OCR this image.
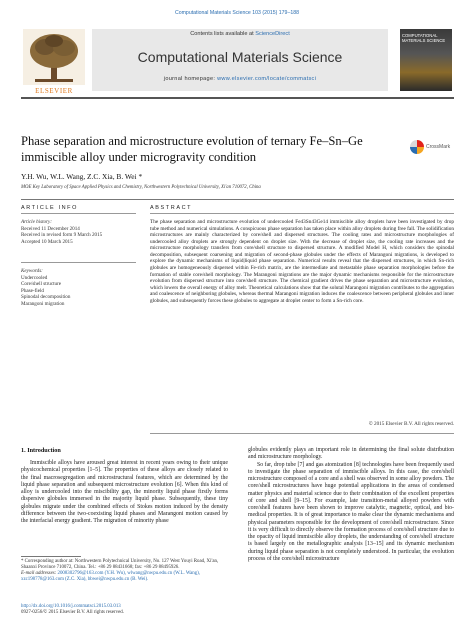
Computational Materials Science 103 (2015) 179–188
ELSEVIER
Contents lists available at ScienceDirect
Computational Materials Science
journal homepage: www.elsevier.com/locate/commatsci
COMPUTATIONAL MATERIALS SCIENCE
Phase separation and microstructure evolution of ternary Fe–Sn–Ge immiscible alloy under microgravity condition
CrossMark
Y.H. Wu, W.L. Wang, Z.C. Xia, B. Wei *
MOE Key Laboratory of Space Applied Physics and Chemistry, Northwestern Polytechnical University, Xi'an 710072, China
ARTICLE INFO
Article history:
Received 11 December 2014
Received in revised form 9 March 2015
Accepted 10 March 2015
Keywords:
Undercooled
Core/shell structure
Phase-field
Spinodal decomposition
Marangoni migration
ABSTRACT
The phase separation and microstructure evolution of undercooled Fe43Sn43Ge14 immiscible alloy droplets have been investigated by drop tube method and numerical simulations. A conspicuous phase separation has taken place within alloy droplets during free fall. The solidification microstructures are mainly characterized by core/shell and dispersed structures. The cooling rates and microstructure morphologies of undercooled alloy droplets are strongly dependent on droplet size. With the decrease of droplet size, the cooling rate increases and the microstructure morphology transfers from core/shell structure to dispersed structure. A modified Model H, which considers the spinodal decomposition, subsequent coarsening and migration of second-phase globules under the effects of Marangoni migrations, is developed to explore the dynamic mechanisms of liquid|liquid phase separation. Numerical results reveal that the dispersed structures, in which Sn-rich globules are homogeneously dispersed within Fe-rich matrix, are the intermediate and metastable phase separation morphologies before the formation of stable core/shell morphology. The Marangoni migrations are the major dynamic mechanisms responsible for the microstructure evolution from dispersed structure into core/shell structure. The chemical gradient drives the phase separation and microstructure evolution, which lowers the overall energy of alloy melt. Theoretical calculations show that the solutal Marangoni migration contributes to the aggregation and coalescence of neighboring globules, whereas thermal Marangoni migration induces the coalescence between peripheral globules and inner globules, and subsequently forces these globules to aggregate at droplet center to form a Sn-rich core.
© 2015 Elsevier B.V. All rights reserved.
1. Introduction
Immiscible alloys have aroused great interest in recent years owing to their unique physicochemical properties [1–5]. The properties of these alloys are closely related to the final macrosegregation and microstructural features, which are determined by the liquid phase separation and subsequent microstructure evolution [6]. When this kind of alloy is undercooled into the miscibility gap, the minority liquid phase firstly forms dispersive globules immersed in the majority liquid phase. Subsequently, these tiny globules migrate under the combined effects of Stokes motion induced by the density difference between the two-coexisting liquid phases and Marangoni motion caused by the interfacial energy gradient. The migration of minority phase
globules evidently plays an important role in determining the final solute distribution and microstructure morphology.
So far, drop tube [7] and gas atomization [8] technologies have been frequently used to investigate the phase separation of immiscible alloys. In this case, the core/shell microstructure composed of a core and a shell was observed in some alloy powders. The core/shell microstructures have huge potential applications in the areas of condensed matter physics and material science due to their combination of the excellent properties of core and shell [9–15]. For example, late transition-metal alloyed powders with core/shell features have been shown to improve catalytic, magnetic, optical, and bio-medical properties. It is of great importance to make clear the dynamic mechanisms and physical parameters responsible for the development of core/shell microstructure. Since it is very difficult to directly observe the formation process of core/shell structure due to the opacity of liquid immiscible alloy droplets, the understanding of core/shell structure is based largely on the metallographic analysis [13–15] and its dynamic mechanism during liquid phase separation is not completely understood. In particular, the evolution process of the core/shell microstructure
* Corresponding author at: Northwestern Polytechnical University, No. 127 West Youyi Road, Xi'an, Shaanxi Province 710072, China. Tel.: +86 29 88431668; fax: +86 29 88495926.
E-mail addresses: 2008302796@163.com (Y.H. Wu), wlwang@nwpu.edu.cn (W.L. Wang), xzc198778@163.com (Z.C. Xia), bbwei@nwpu.edu.cn (B. Wei).
http://dx.doi.org/10.1016/j.commatsci.2015.03.013
0927-0256/© 2015 Elsevier B.V. All rights reserved.
